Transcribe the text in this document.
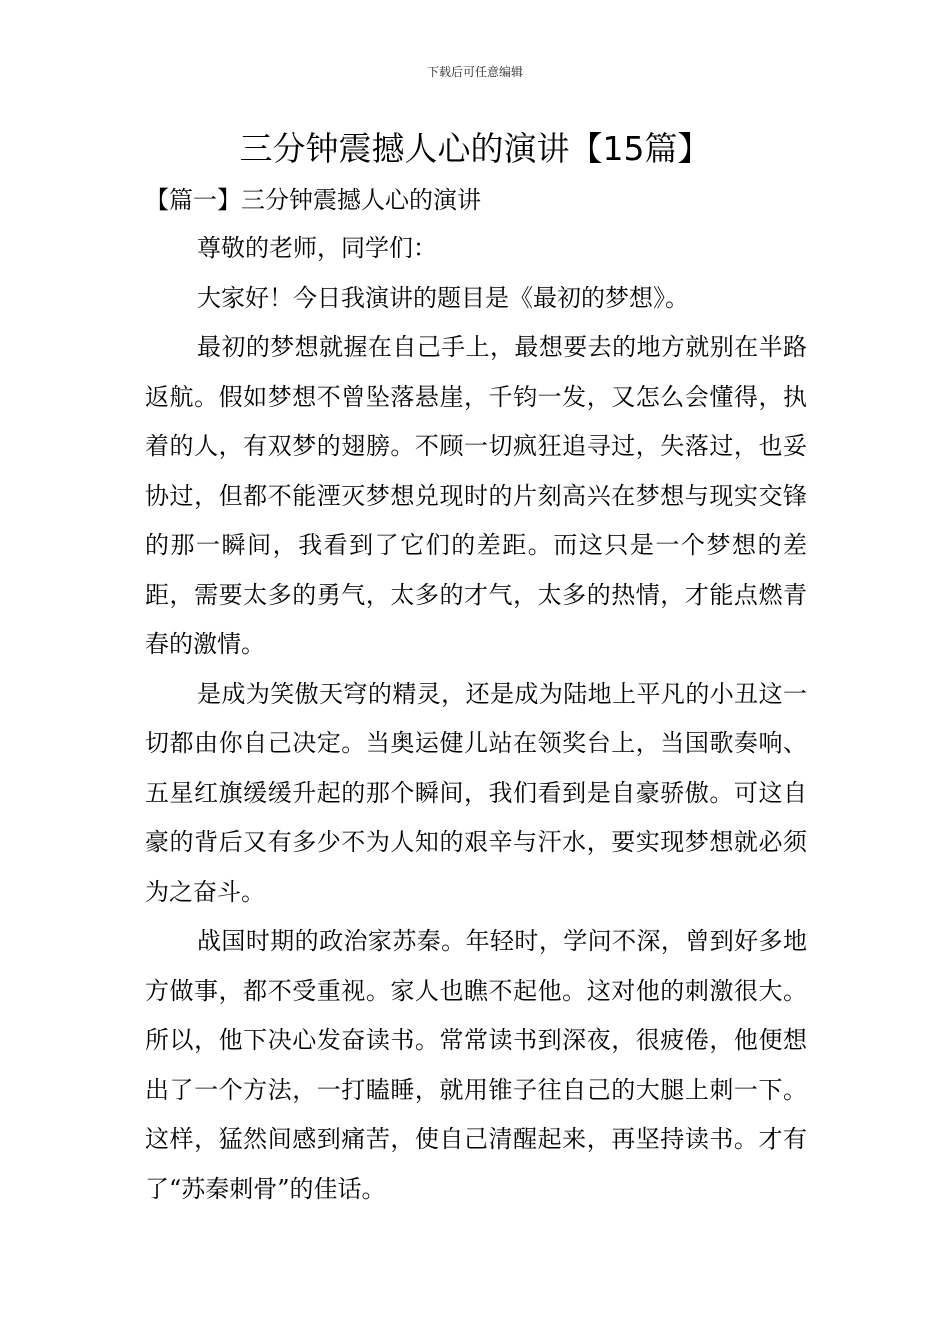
下载后可任意编辑
三分钟震撼人心的演讲【15篇】
【篇一】三分钟震撼人心的演讲

尊敬的老师，同学们：

大家好！今日我演讲的题目是《最初的梦想》。

最初的梦想就握在自己手上，最想要去的地方就别在半路返航。假如梦想不曾坠落悬崖，千钧一发，又怎么会懂得，执着的人，有双梦的翅膀。不顾一切疯狂追寻过，失落过，也妥协过，但都不能湮灭梦想兑现时的片刻高兴在梦想与现实交锋的那一瞬间，我看到了它们的差距。而这只是一个梦想的差距，需要太多的勇气，太多的才气，太多的热情，才能点燃青春的激情。

是成为笑傲天穹的精灵，还是成为陆地上平凡的小丑这一切都由你自己决定。当奥运健儿站在领奖台上，当国歌奏响、五星红旗缓缓升起的那个瞬间，我们看到是自豪骄傲。可这自豪的背后又有多少不为人知的艰辛与汗水，要实现梦想就必须为之奋斗。

战国时期的政治家苏秦。年轻时，学问不深，曾到好多地方做事，都不受重视。家人也瞧不起他。这对他的刺激很大。所以，他下决心发奋读书。常常读书到深夜，很疲倦，他便想出了一个方法，一打瞌睡，就用锥子往自己的大腿上刺一下。这样，猛然间感到痛苦，使自己清醒起来，再坚持读书。才有了“苏秦刺骨”的佳话。
